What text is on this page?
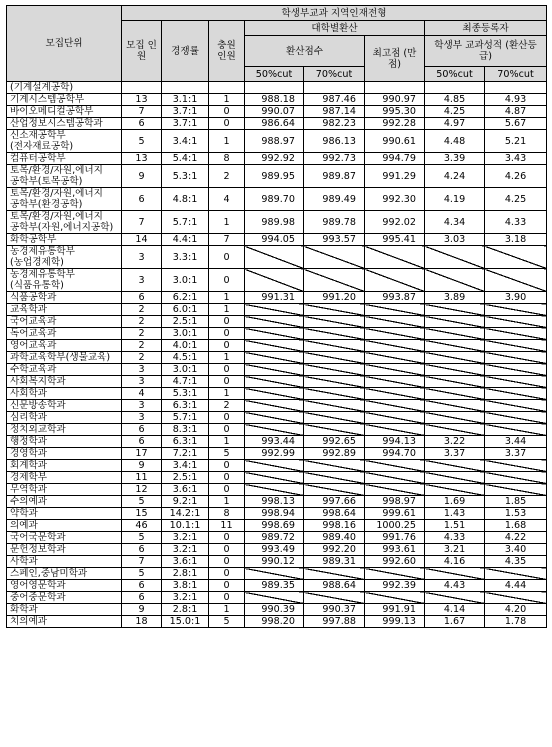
모집단위	학생부교과 지역인재전형							
	모집 인원	경쟁률	충원 인원	대학별환산			최종등록자	
				환산점수		최고점 (만점)	학생부 교과성적 (환산등급)	
				50%cut	70%cut		50%cut	70%cut
(기계설계공학)								
기계시스템공학부	13	3.1:1	1	988.18	987.46	990.97	4.85	4.93
바이오메디컬공학부	7	3.7:1	0	990.07	987.14	995.30	4.25	4.87
산업정보시스템공학과	6	3.7:1	0	986.64	982.23	992.28	4.97	5.67
신소재공학부
(전자재료공학)	5	3.4:1	1	988.97	986.13	990.61	4.48	5.21
컴퓨터공학부	13	5.4:1	8	992.92	992.73	994.79	3.39	3.43
토목/환경/자원,에너지
공학부(토목공학)	9	5.3:1	2	989.95	989.87	991.29	4.24	4.26
토목/환경/자원,에너지
공학부(환경공학)	6	4.8:1	4	989.70	989.49	992.30	4.19	4.25
토목/환경/자원,에너지
공학부(자원,에너지공학)	7	5.7:1	1	989.98	989.78	992.02	4.34	4.33
화학공학부	14	4.4:1	7	994.05	993.57	995.41	3.03	3.18
농경제유통학부
(농업경제학)	3	3.3:1	0					
농경제유통학부
(식품유통학)	3	3.0:1	0					
식품공학과	6	6.2:1	1	991.31	991.20	993.87	3.89	3.90
교육학과	2	6.0:1	1					
국어교육과	2	2.5:1	0					
독어교육과	2	3.0:1	0					
영어교육과	2	4.0:1	0					
과학교육학부(생물교육)	2	4.5:1	1					
수학교육과	3	3.0:1	0					
사회복지학과	3	4.7:1	0					
사회학과	4	5.3:1	1					
신문방송학과	3	6.3:1	2					
심리학과	3	5.7:1	0					
정치외교학과	6	8.3:1	0					
행정학과	6	6.3:1	1	993.44	992.65	994.13	3.22	3.44
경영학과	17	7.2:1	5	992.99	992.89	994.70	3.37	3.37
회계학과	9	3.4:1	0					
경제학부	11	2.5:1	0					
무역학과	12	3.6:1	0					
수의예과	5	9.2:1	1	998.13	997.66	998.97	1.69	1.85
약학과	15	14.2:1	8	998.94	998.64	999.61	1.43	1.53
의예과	46	10.1:1	11	998.69	998.16	1000.25	1.51	1.68
국어국문학과	5	3.2:1	0	989.72	989.40	991.76	4.33	4.22
문헌정보학과	6	3.2:1	0	993.49	992.20	993.61	3.21	3.40
사학과	7	3.6:1	0	990.12	989.31	992.60	4.16	4.35
스페인,중남미학과	5	2.8:1	0					
영어영문학과	6	3.8:1	0	989.35	988.64	992.39	4.43	4.44
중어중문학과	6	3.2:1	0					
화학과	9	2.8:1	1	990.39	990.37	991.91	4.14	4.20
치의예과	18	15.0:1	5	998.20	997.88	999.13	1.67	1.78
